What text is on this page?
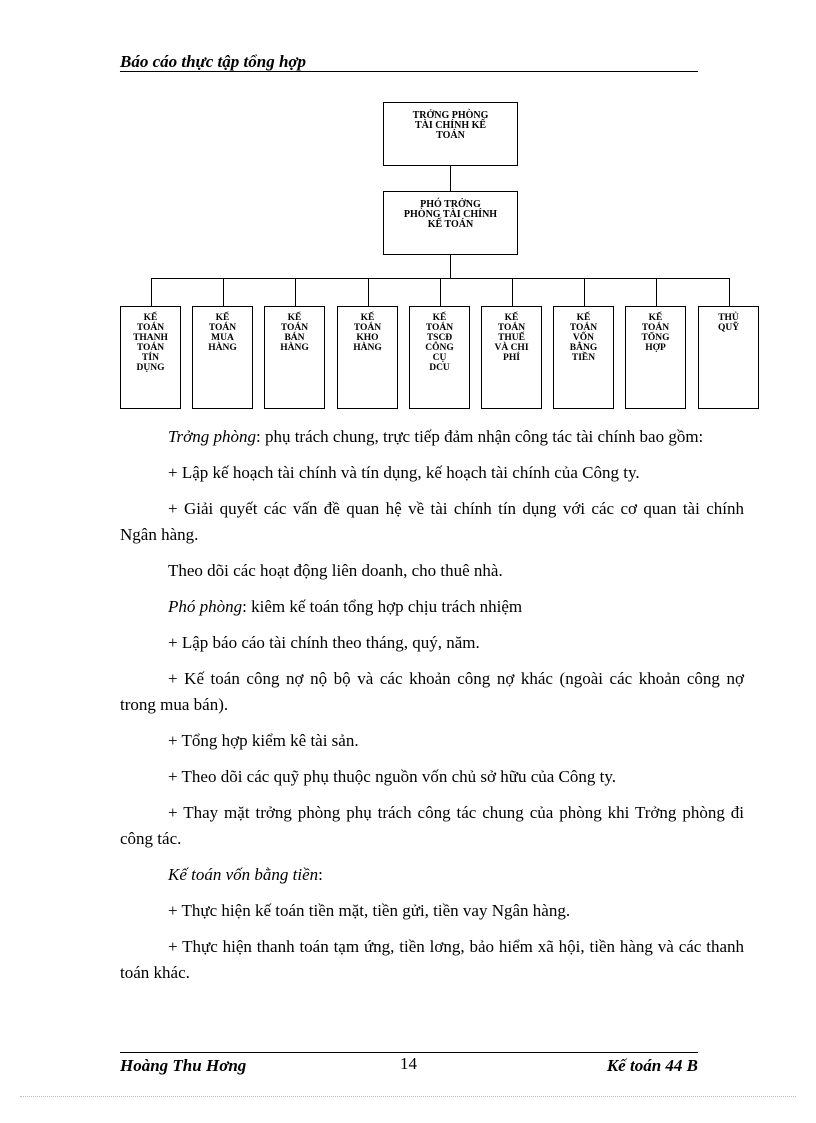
Báo cáo thực tập tổng hợp
TRỞNG PHÒNG
TÀI CHÍNH KẾ
TOÁN
PHÓ TRỞNG
PHÒNG TÀI CHÍNH
KẾ TOÁN
KẾ
TOÁN
THANH
TOÁN
TÍN
DỤNG
KẾ
TOÁN
MUA
HÀNG
KẾ
TOÁN
BÁN
HÀNG
KẾ
TOÁN
KHO
HÀNG
KẾ
TOÁN
TSCĐ
CÔNG
CỤ
DCU
KẾ
TOÁN
THUẾ
VÀ CHI
PHÍ
KẾ
TOÁN
VỐN
BẰNG
TIỀN
KẾ
TOÁN
TỔNG
HỢP
THỦ
QUỸ

Trởng phòng: phụ trách chung, trực tiếp đảm nhận công tác tài chính bao gồm:

+ Lập kế hoạch tài chính và tín dụng, kế hoạch tài chính của Công ty.

+ Giải quyết các vấn đề quan hệ về tài chính tín dụng với các cơ quan tài chính Ngân hàng.

Theo dõi các hoạt động liên doanh, cho thuê nhà.

Phó phòng: kiêm kế toán tổng hợp chịu trách nhiệm

+ Lập báo cáo tài chính theo tháng, quý, năm.

+ Kế toán công nợ nộ bộ và các khoản công nợ khác (ngoài các khoản công nợ trong mua bán).

+ Tổng hợp kiểm kê tài sản.

+ Theo dõi các quỹ phụ thuộc nguồn vốn chủ sở hữu của Công ty.

+ Thay mặt trởng phòng phụ trách công tác chung của phòng khi Trởng phòng đi công tác.

Kế toán vốn bằng tiền:

+ Thực hiện kế toán tiền mặt, tiền gửi, tiền vay Ngân hàng.

+ Thực hiện thanh toán tạm ứng, tiền lơng, bảo hiểm xã hội, tiền hàng và các thanh toán khác.

Hoàng Thu Hơng	14	Kế toán 44 B
